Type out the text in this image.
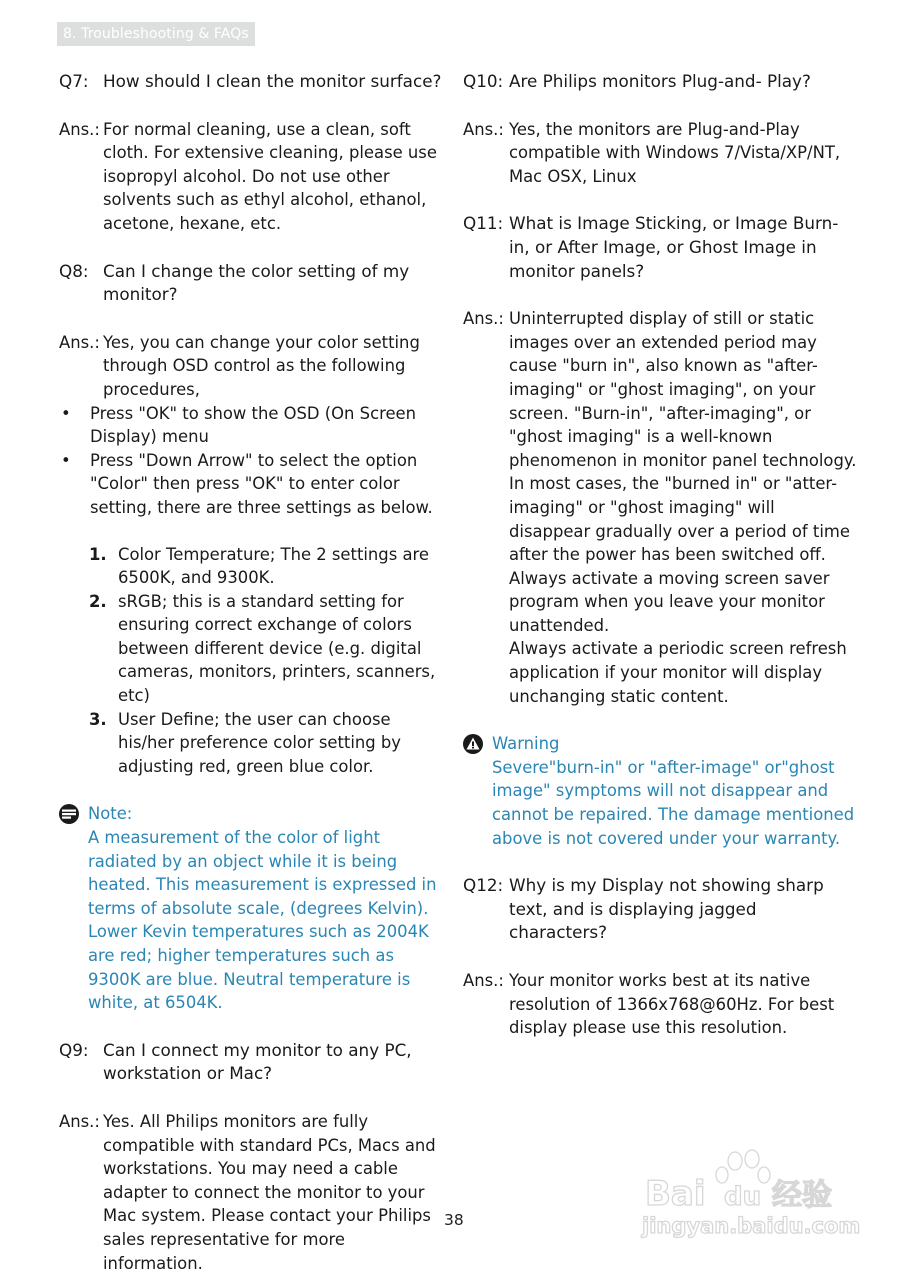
8. Troubleshooting & FAQs
Q7: How should I clean the monitor surface?
Ans.: For normal cleaning, use a clean, soft cloth. For extensive cleaning, please use isopropyl alcohol. Do not use other solvents such as ethyl alcohol, ethanol, acetone, hexane, etc.
Q8: Can I change the color setting of my monitor?
Ans.: Yes, you can change your color setting through OSD control as the following procedures,
•	Press "OK" to show the OSD (On Screen Display) menu
•	Press "Down Arrow" to select the option "Color" then press "OK" to enter color setting, there are three settings as below.
1. Color Temperature; The 2 settings are 6500K, and 9300K.
2. sRGB; this is a standard setting for ensuring correct exchange of colors between different device (e.g. digital cameras, monitors, printers, scanners, etc)
3. User Define; the user can choose his/her preference color setting by adjusting red, green blue color.
Note:
A measurement of the color of light radiated by an object while it is being heated. This measurement is expressed in terms of absolute scale, (degrees Kelvin). Lower Kevin temperatures such as 2004K are red; higher temperatures such as 9300K are blue. Neutral temperature is white, at 6504K.
Q9: Can I connect my monitor to any PC, workstation or Mac?
Ans.: Yes. All Philips monitors are fully compatible with standard PCs, Macs and workstations. You may need a cable adapter to connect the monitor to your Mac system. Please contact your Philips sales representative for more information.
Q10: Are Philips monitors Plug-and- Play?
Ans.: Yes, the monitors are Plug-and-Play compatible with Windows 7/Vista/XP/NT, Mac OSX, Linux
Q11: What is Image Sticking, or Image Burn-in, or After Image, or Ghost Image in monitor panels?
Ans.: Uninterrupted display of still or static images over an extended period may cause "burn in", also known as "after-imaging" or "ghost imaging", on your screen. "Burn-in", "after-imaging", or "ghost imaging" is a well-known phenomenon in monitor panel technology. In most cases, the "burned in" or "atter-imaging" or "ghost imaging" will disappear gradually over a period of time after the power has been switched off. Always activate a moving screen saver program when you leave your monitor unattended.
Always activate a periodic screen refresh application if your monitor will display unchanging static content.
Warning
Severe"burn-in" or "after-image" or"ghost image" symptoms will not disappear and cannot be repaired. The damage mentioned above is not covered under your warranty.
Q12: Why is my Display not showing sharp text, and is displaying jagged characters?
Ans.: Your monitor works best at its native resolution of 1366x768@60Hz. For best display please use this resolution.
38
Bai du 经验
jingyan.baidu.com
